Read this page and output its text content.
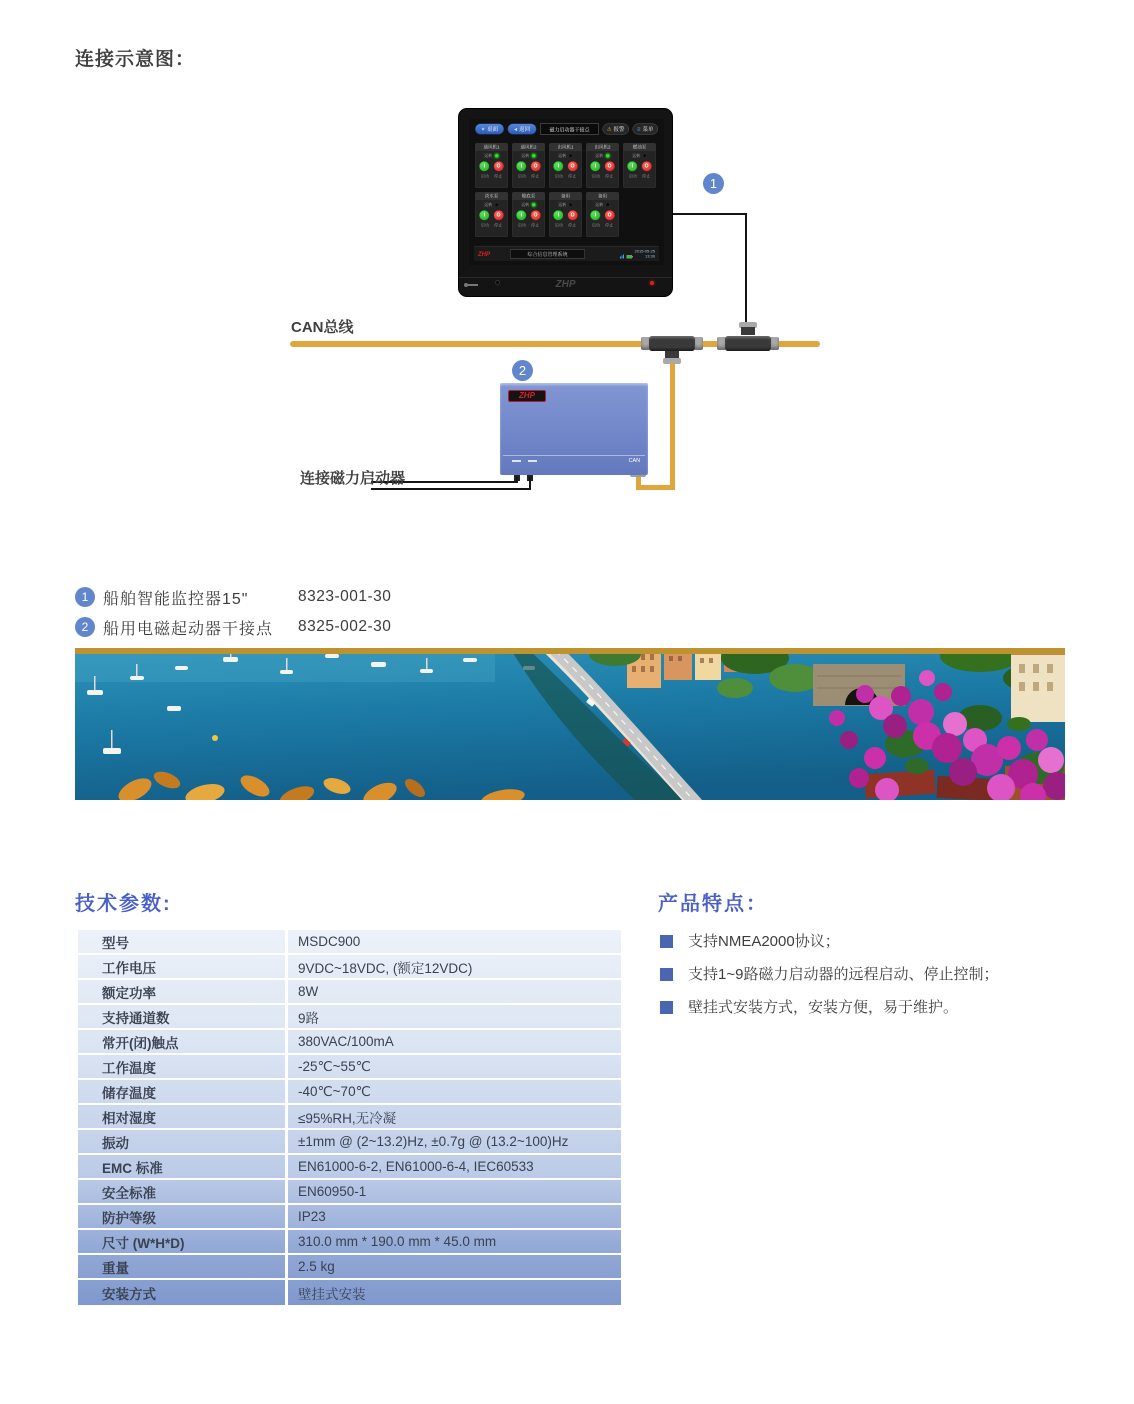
连接示意图：
★ 桌面 ◀ 返回	磁力启动器干接点	⚠ 报警 ≡ 菜单
通风机1
运转
I	O
启动 停止
通风机2
运转
I	O
启动 停止
出风机1
运转
I	O
启动 停止
出风机2
运转
I	O
启动 停止
燃油泵
运转
I	O
启动 停止
淡水泵
运转
I	O
启动 停止
舱底泵
运转
I	O
启动 停止
备用
运转
I	O
启动 停止
备用
运转
I	O
启动 停止
ZHP	综合信息管理系统
2015-05-25
13:30
ZHP
1
CAN总线
2
ZHP
CAN
连接磁力启动器
1 船舶智能监控器15"	8323-001-30
2 船用电磁起动器干接点 8325-002-30
技术参数:
型号	MSDC900
工作电压	9VDC~18VDC, (额定12VDC)
额定功率	8W
支持通道数	9路
常开(闭)触点	380VAC/100mA
工作温度	-25℃~55℃
储存温度	-40℃~70℃
相对湿度	≤95%RH,无冷凝
振动	±1mm @ (2~13.2)Hz, ±0.7g @ (13.2~100)Hz
EMC 标准	EN61000-6-2, EN61000-6-4, IEC60533
安全标准	EN60950-1
防护等级	IP23
尺寸 (W*H*D)	310.0 mm * 190.0 mm * 45.0 mm
重量	2.5 kg
安装方式	壁挂式安装
产品特点：
支持NMEA2000协议；
支持1~9路磁力启动器的远程启动、停止控制；
壁挂式安装方式，安装方便，易于维护。
